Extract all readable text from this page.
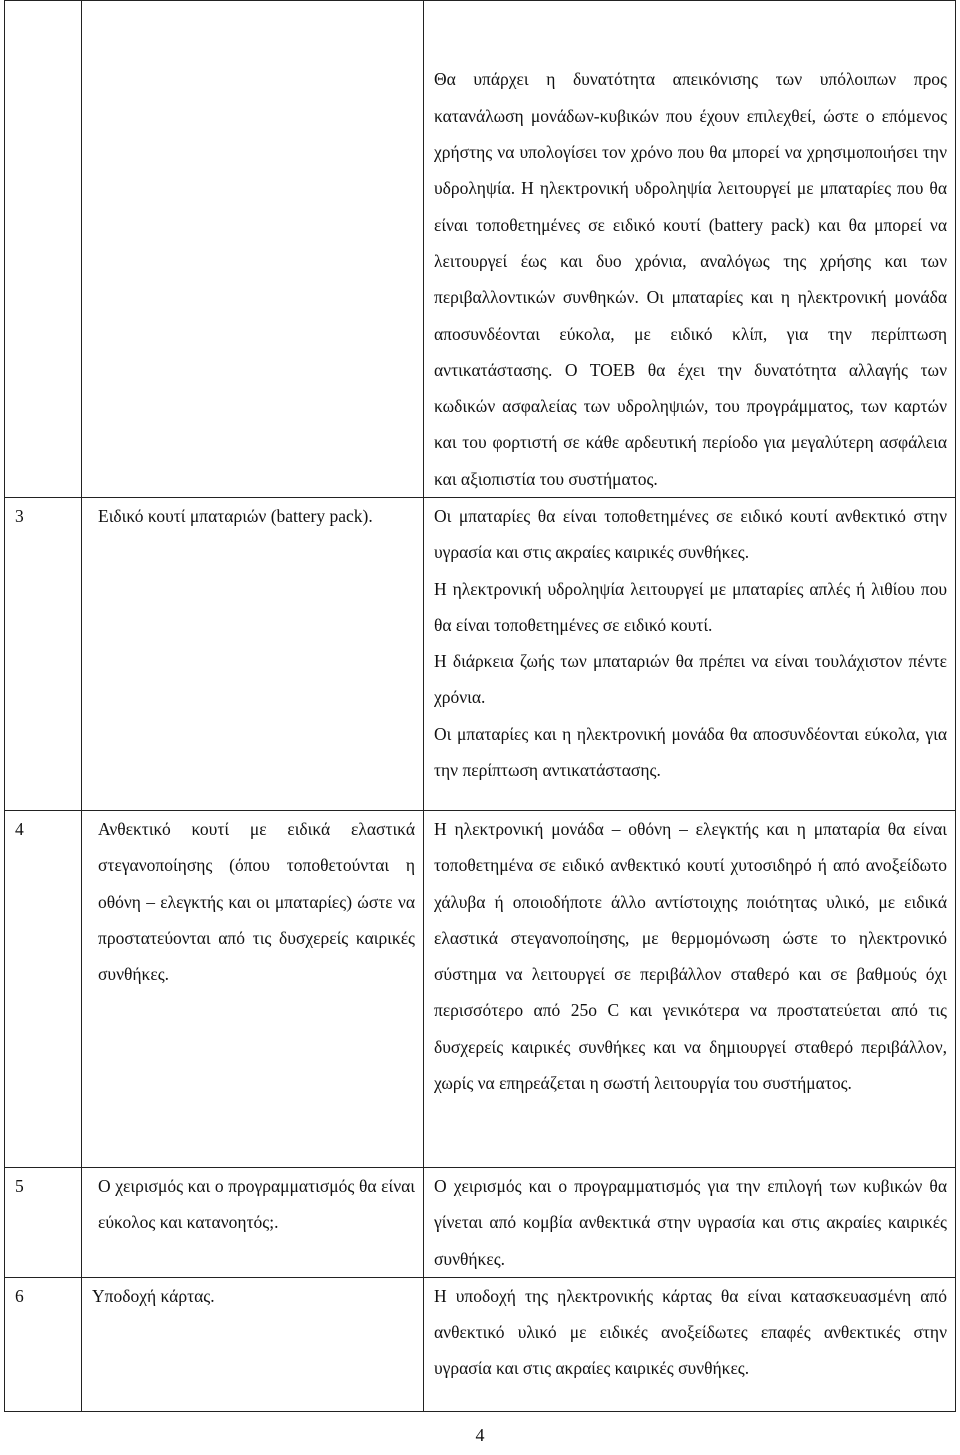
		Θα υπάρχει η δυνατότητα απεικόνισης των υπόλοιπων προς κατανάλωση μονάδων-κυβικών που έχουν επιλεχθεί, ώστε ο επόμενος χρήστης να υπολογίσει τον χρόνο που θα μπορεί να χρησιμοποιήσει την υδροληψία. Η ηλεκτρονική υδροληψία λειτουργεί με μπαταρίες που θα είναι τοποθετημένες σε ειδικό κουτί (battery pack) και θα μπορεί να λειτουργεί έως και δυο χρόνια, αναλόγως της χρήσης και των περιβαλλοντικών συνθηκών. Οι μπαταρίες και η ηλεκτρονική μονάδα αποσυνδέονται εύκολα, με ειδικό κλίπ, για την περίπτωση αντικατάστασης. Ο ΤΟΕΒ θα έχει την δυνατότητα αλλαγής των κωδικών ασφαλείας των υδροληψιών, του προγράμματος, των καρτών και του φορτιστή σε κάθε αρδευτική περίοδο για μεγαλύτερη ασφάλεια και αξιοπιστία του συστήματος.

3	Ειδικό κουτί μπαταριών (battery pack).	Οι μπαταρίες θα είναι τοποθετημένες σε ειδικό κουτί ανθεκτικό στην υγρασία και στις ακραίες καιρικές συνθήκες.

Η ηλεκτρονική υδροληψία λειτουργεί με μπαταρίες απλές ή λιθίου που θα είναι τοποθετημένες σε ειδικό κουτί.

Η διάρκεια ζωής των μπαταριών θα πρέπει να είναι τουλάχιστον πέντε χρόνια.

Οι μπαταρίες και η ηλεκτρονική μονάδα θα αποσυνδέονται εύκολα, για την περίπτωση αντικατάστασης.

4	Ανθεκτικό κουτί με ειδικά ελαστικά στεγανοποίησης (όπου τοποθετούνται η οθόνη – ελεγκτής και οι μπαταρίες) ώστε να προστατεύονται από τις δυσχερείς καιρικές συνθήκες.	Η ηλεκτρονική μονάδα – οθόνη – ελεγκτής και η μπαταρία θα είναι τοποθετημένα σε ειδικό ανθεκτικό κουτί χυτοσιδηρό ή από ανοξείδωτο χάλυβα ή οποιοδήποτε άλλο αντίστοιχης ποιότητας υλικό, με ειδικά ελαστικά στεγανοποίησης, με θερμομόνωση ώστε το ηλεκτρονικό σύστημα να λειτουργεί σε περιβάλλον σταθερό και σε βαθμούς όχι περισσότερο από 25ο C και γενικότερα να προστατεύεται από τις δυσχερείς καιρικές συνθήκες και να δημιουργεί σταθερό περιβάλλον, χωρίς να επηρεάζεται η σωστή λειτουργία του συστήματος.

5	Ο χειρισμός και ο προγραμματισμός θα είναι εύκολος και κατανοητός;.	Ο χειρισμός και ο προγραμματισμός για την επιλογή των κυβικών θα γίνεται από κομβία ανθεκτικά στην υγρασία και στις ακραίες καιρικές συνθήκες.

6	Υποδοχή κάρτας.	Η υποδοχή της ηλεκτρονικής κάρτας θα είναι κατασκευασμένη από ανθεκτικό υλικό με ειδικές ανοξείδωτες επαφές ανθεκτικές στην υγρασία και στις ακραίες καιρικές συνθήκες.

4
